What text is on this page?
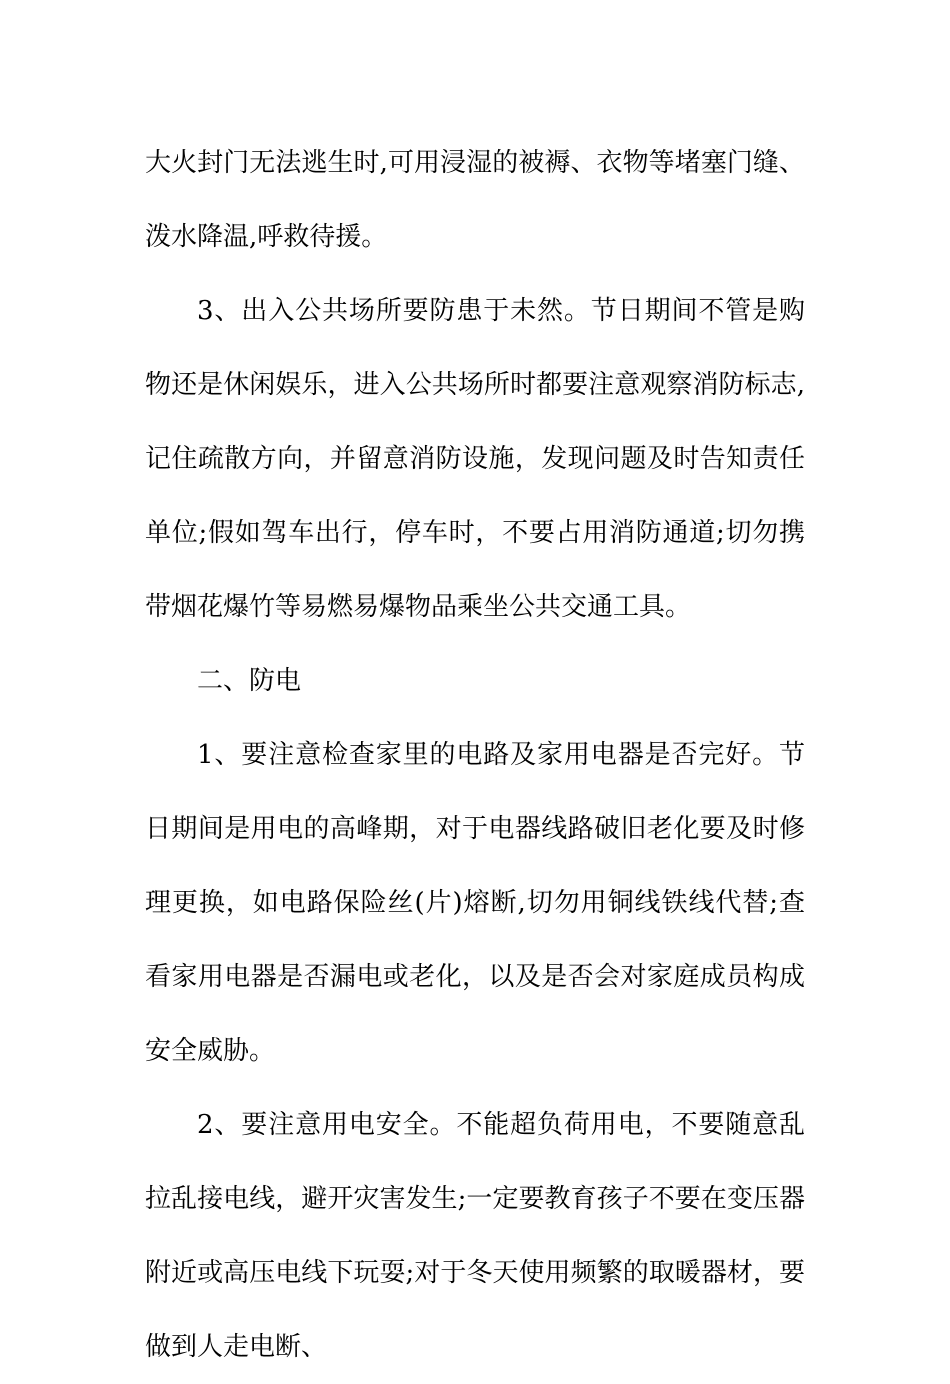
大火封门无法逃生时,可用浸湿的被褥、衣物等堵塞门缝、泼水降温,呼救待援。

3、出入公共场所要防患于未然。节日期间不管是购物还是休闲娱乐，进入公共场所时都要注意观察消防标志,记住疏散方向，并留意消防设施，发现问题及时告知责任单位;假如驾车出行，停车时，不要占用消防通道;切勿携带烟花爆竹等易燃易爆物品乘坐公共交通工具。

二、防电

1、要注意检查家里的电路及家用电器是否完好。节日期间是用电的高峰期，对于电器线路破旧老化要及时修理更换，如电路保险丝(片)熔断,切勿用铜线铁线代替;查看家用电器是否漏电或老化，以及是否会对家庭成员构成安全威胁。

2、要注意用电安全。不能超负荷用电，不要随意乱拉乱接电线，避开灾害发生;一定要教育孩子不要在变压器附近或高压电线下玩耍;对于冬天使用频繁的取暖器材，要做到人走电断、
